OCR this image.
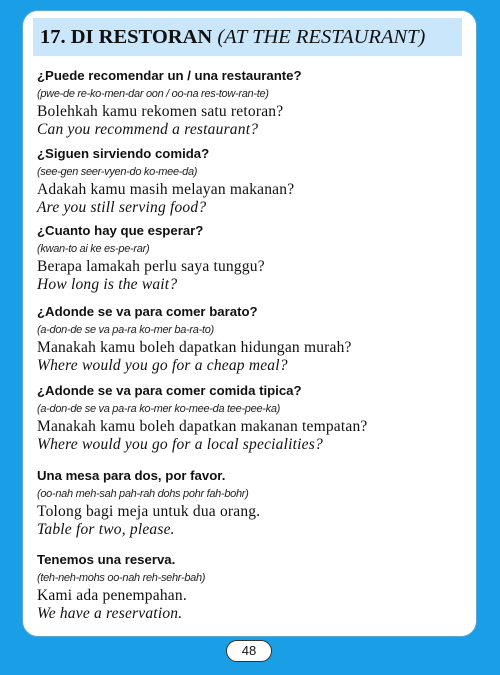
17. DI RESTORAN (AT THE RESTAURANT)
¿Puede recomendar un / una restaurante?
(pwe-de re-ko-men-dar oon / oo-na res-tow-ran-te)
Bolehkah kamu rekomen satu retoran?
Can you recommend a restaurant?
¿Siguen sirviendo comida?
(see-gen seer-vyen-do ko-mee-da)
Adakah kamu masih melayan makanan?
Are you still serving food?
¿Cuanto hay que esperar?
(kwan-to ai ke es-pe-rar)
Berapa lamakah perlu saya tunggu?
How long is the wait?
¿Adonde se va para comer barato?
(a-don-de se va pa-ra ko-mer ba-ra-to)
Manakah kamu boleh dapatkan hidungan murah?
Where would you go for a cheap meal?
¿Adonde se va para comer comida tipica?
(a-don-de se va pa-ra ko-mer ko-mee-da tee-pee-ka)
Manakah kamu boleh dapatkan makanan tempatan?
Where would you go for a local specialities?
Una mesa para dos, por favor.
(oo-nah meh-sah pah-rah dohs pohr fah-bohr)
Tolong bagi meja untuk dua orang.
Table for two, please.
Tenemos una reserva.
(teh-neh-mohs oo-nah reh-sehr-bah)
Kami ada penempahan.
We have a reservation.
48
